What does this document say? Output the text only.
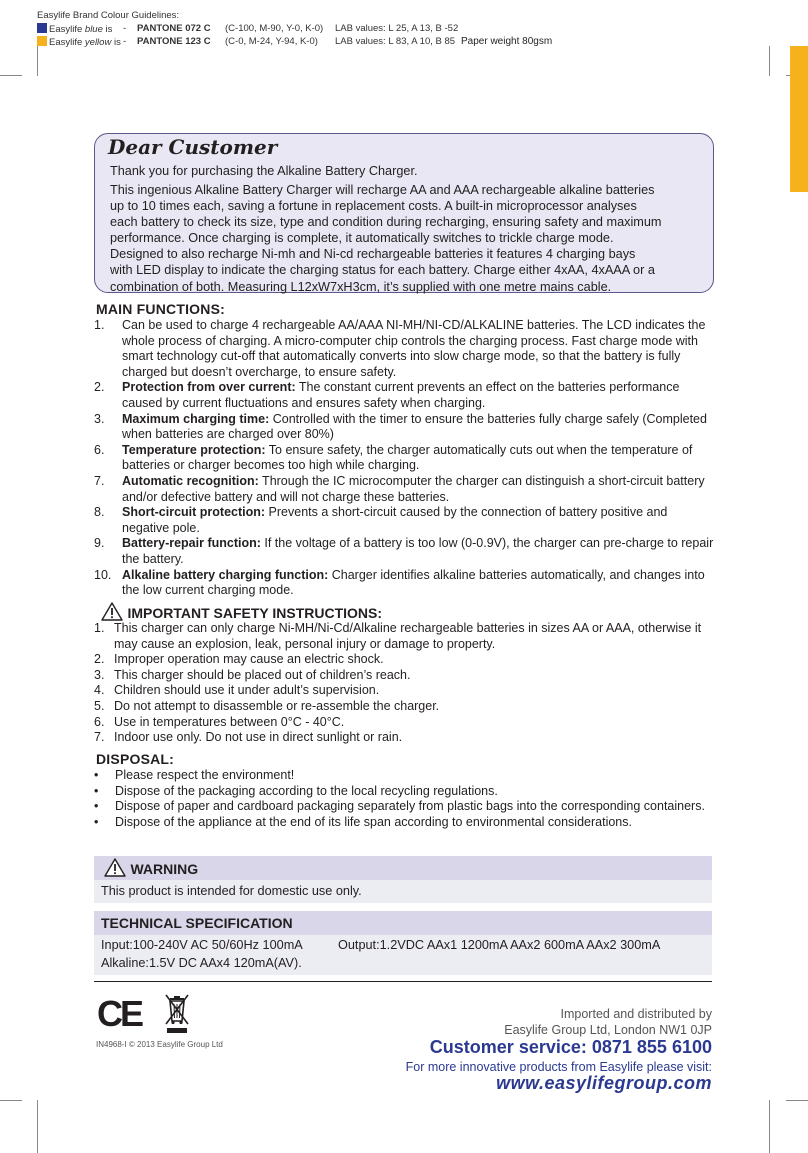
Easylife Brand Colour Guidelines:
Easylife blue is - PANTONE 072 C (C-100, M-90, Y-0, K-0) LAB values: L 25, A 13, B -52
Easylife yellow is - PANTONE 123 C (C-0, M-24, Y-94, K-0) LAB values: L 83, A 10, B 85 Paper weight 80gsm
Dear Customer
Thank you for purchasing the Alkaline Battery Charger.
This ingenious Alkaline Battery Charger will recharge AA and AAA rechargeable alkaline batteries
up to 10 times each, saving a fortune in replacement costs. A built-in microprocessor analyses
each battery to check its size, type and condition during recharging, ensuring safety and maximum
performance. Once charging is complete, it automatically switches to trickle charge mode.
Designed to also recharge Ni-mh and Ni-cd rechargeable batteries it features 4 charging bays
with LED display to indicate the charging status for each battery. Charge either 4xAA, 4xAAA or a
combination of both. Measuring L12xW7xH3cm, it’s supplied with one metre mains cable.
MAIN FUNCTIONS:
1. Can be used to charge 4 rechargeable AA/AAA NI-MH/NI-CD/ALKALINE batteries. The LCD indicates the whole process of charging. A micro-computer chip controls the charging process. Fast charge mode with smart technology cut-off that automatically converts into slow charge mode, so that the battery is fully charged but doesn’t overcharge, to ensure safety.
2. Protection from over current: The constant current prevents an effect on the batteries performance caused by current fluctuations and ensures safety when charging.
3. Maximum charging time: Controlled with the timer to ensure the batteries fully charge safely (Completed when batteries are charged over 80%)
6. Temperature protection: To ensure safety, the charger automatically cuts out when the temperature of batteries or charger becomes too high while charging.
7. Automatic recognition: Through the IC microcomputer the charger can distinguish a short-circuit battery and/or defective battery and will not charge these batteries.
8. Short-circuit protection: Prevents a short-circuit caused by the connection of battery positive and negative pole.
9. Battery-repair function: If the voltage of a battery is too low (0-0.9V), the charger can pre-charge to repair the battery.
10. Alkaline battery charging function: Charger identifies alkaline batteries automatically, and changes into the low current charging mode.
IMPORTANT SAFETY INSTRUCTIONS:
1. This charger can only charge Ni-MH/Ni-Cd/Alkaline rechargeable batteries in sizes AA or AAA, otherwise it may cause an explosion, leak, personal injury or damage to property.
2. Improper operation may cause an electric shock.
3. This charger should be placed out of children’s reach.
4. Children should use it under adult’s supervision.
5. Do not attempt to disassemble or re-assemble the charger.
6. Use in temperatures between 0°C - 40°C.
7. Indoor use only. Do not use in direct sunlight or rain.
DISPOSAL:
• Please respect the environment!
• Dispose of the packaging according to the local recycling regulations.
• Dispose of paper and cardboard packaging separately from plastic bags into the corresponding containers.
• Dispose of the appliance at the end of its life span according to environmental considerations.
WARNING
This product is intended for domestic use only.
TECHNICAL SPECIFICATION
Input:100-240V AC 50/60Hz 100mA	Output:1.2VDC AAx1 1200mA AAx2 600mA AAx2 300mA
Alkaline:1.5V DC AAx4 120mA(AV).
CE
IN4968-I © 2013 Easylife Group Ltd
Imported and distributed by
Easylife Group Ltd, London NW1 0JP
Customer service: 0871 855 6100
For more innovative products from Easylife please visit:
www.easylifegroup.com
